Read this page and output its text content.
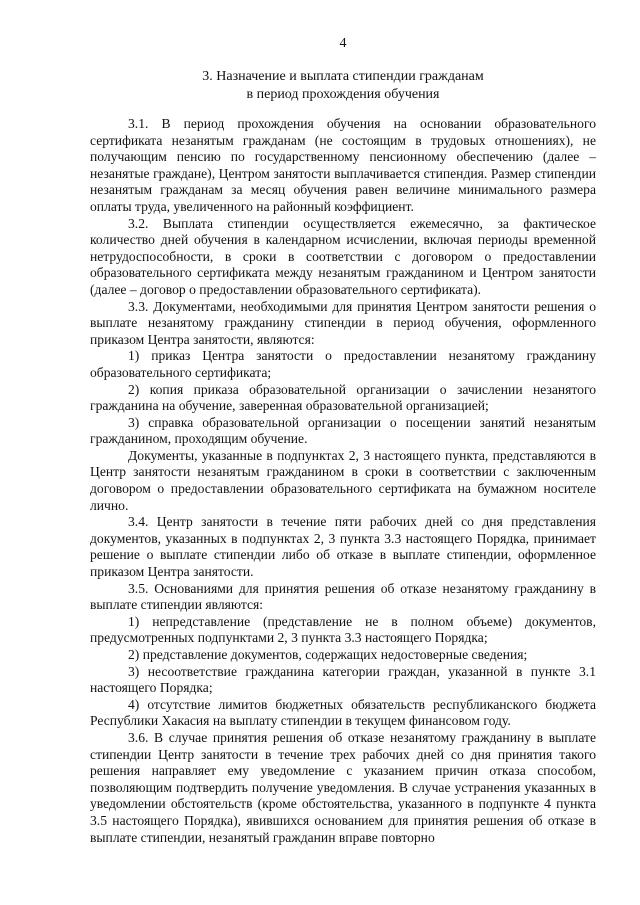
4
3. Назначение и выплата стипендии гражданам
в период прохождения обучения

3.1. В период прохождения обучения на основании образовательного сертификата незанятым гражданам (не состоящим в трудовых отношениях), не получающим пенсию по государственному пенсионному обеспечению (далее – незанятые граждане), Центром занятости выплачивается стипендия. Размер стипендии незанятым гражданам за месяц обучения равен величине минимального размера оплаты труда, увеличенного на районный коэффициент.

3.2. Выплата стипендии осуществляется ежемесячно, за фактическое количество дней обучения в календарном исчислении, включая периоды временной нетрудоспособности, в сроки в соответствии с договором о предоставлении образовательного сертификата между незанятым гражданином и Центром занятости (далее – договор о предоставлении образовательного сертификата).

3.3. Документами, необходимыми для принятия Центром занятости решения о выплате незанятому гражданину стипендии в период обучения, оформленного приказом Центра занятости, являются:

1) приказ Центра занятости о предоставлении незанятому гражданину образовательного сертификата;

2) копия приказа образовательной организации о зачислении незанятого гражданина на обучение, заверенная образовательной организацией;

3) справка образовательной организации о посещении занятий незанятым гражданином, проходящим обучение.

Документы, указанные в подпунктах 2, 3 настоящего пункта, представляются в Центр занятости незанятым гражданином в сроки в соответствии с заключенным договором о предоставлении образовательного сертификата на бумажном носителе лично.

3.4. Центр занятости в течение пяти рабочих дней со дня представления документов, указанных в подпунктах 2, 3 пункта 3.3 настоящего Порядка, принимает решение о выплате стипендии либо об отказе в выплате стипендии, оформленное приказом Центра занятости.

3.5. Основаниями для принятия решения об отказе незанятому гражданину в выплате стипендии являются:

1) непредставление (представление не в полном объеме) документов, предусмотренных подпунктами 2, 3 пункта 3.3 настоящего Порядка;

2) представление документов, содержащих недостоверные сведения;

3) несоответствие гражданина категории граждан, указанной в пункте 3.1 настоящего Порядка;

4) отсутствие лимитов бюджетных обязательств республиканского бюджета Республики Хакасия на выплату стипендии в текущем финансовом году.

3.6. В случае принятия решения об отказе незанятому гражданину в выплате стипендии Центр занятости в течение трех рабочих дней со дня принятия такого решения направляет ему уведомление с указанием причин отказа способом, позволяющим подтвердить получение уведомления. В случае устранения указанных в уведомлении обстоятельств (кроме обстоятельства, указанного в подпункте 4 пункта 3.5 настоящего Порядка), явившихся основанием для принятия решения об отказе в выплате стипендии, незанятый гражданин вправе повторно
